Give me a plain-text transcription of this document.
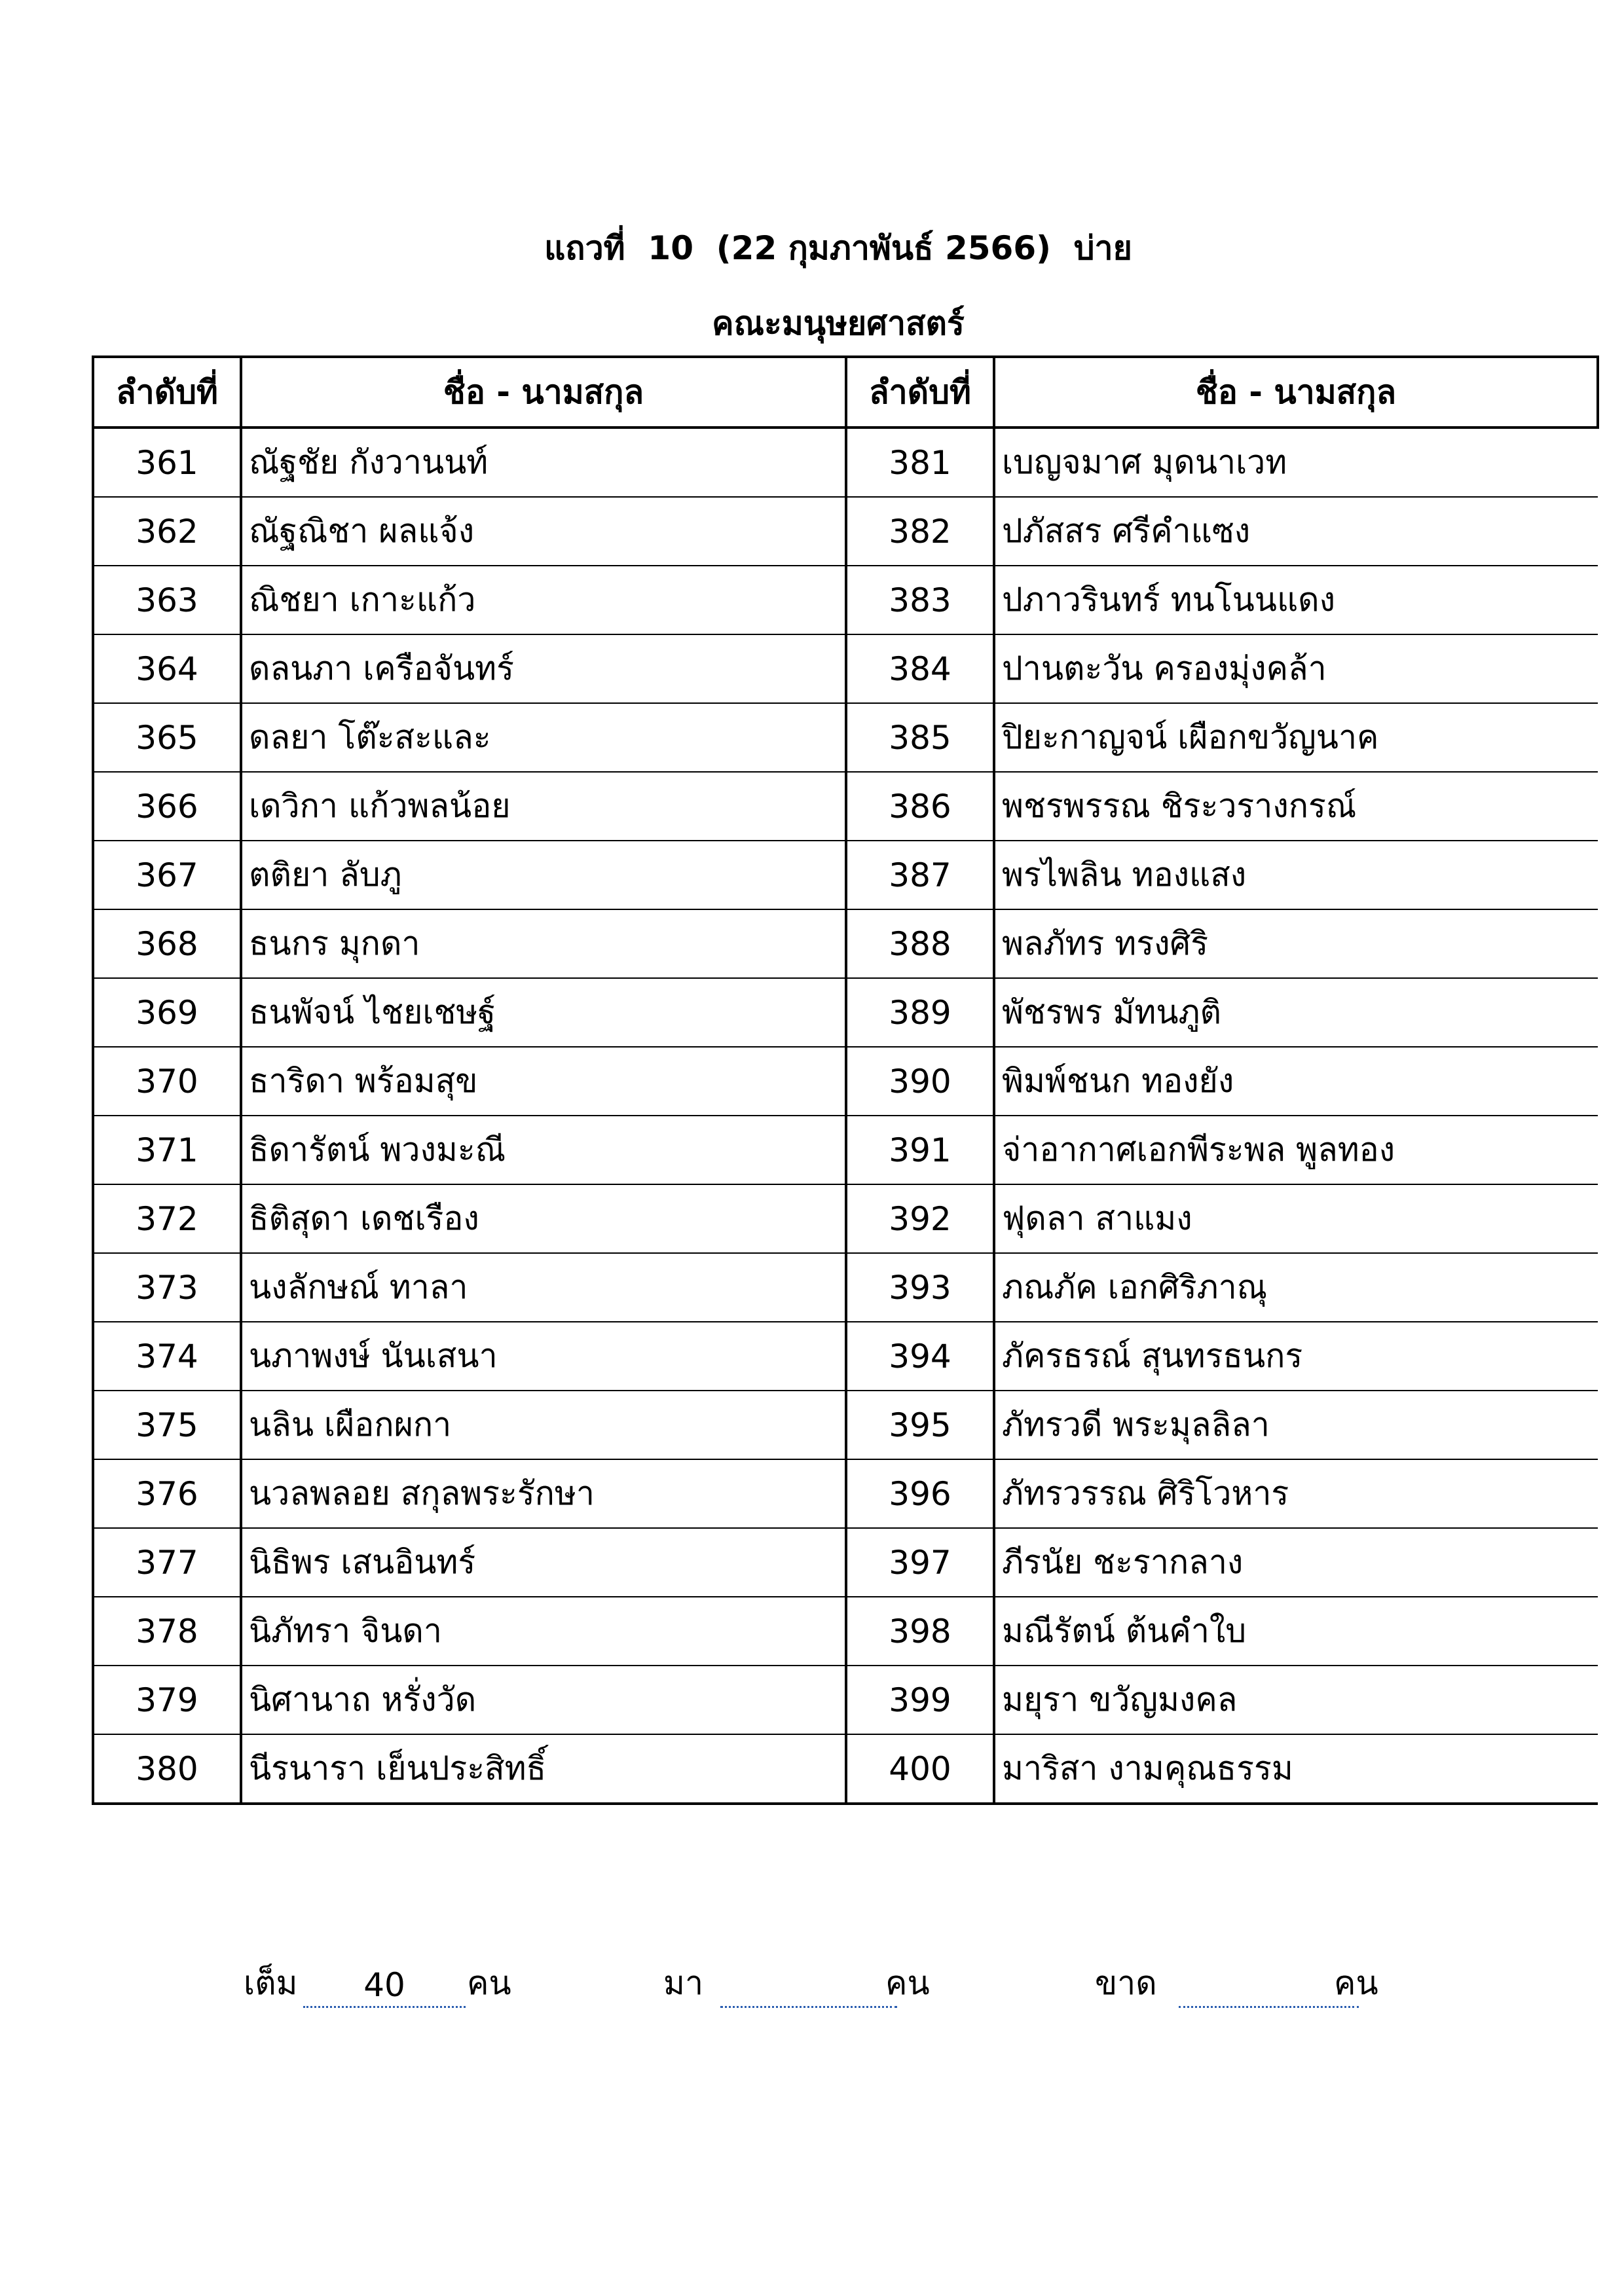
แถวที่  10  (22 กุมภาพันธ์ 2566)  บ่าย
คณะมนุษยศาสตร์
ลำดับที่	ชื่อ - นามสกุล	ลำดับที่	ชื่อ - นามสกุล
361	ณัฐชัย กังวานนท์	381	เบญจมาศ มุดนาเวท
362	ณัฐณิชา ผลแจ้ง	382	ปภัสสร ศรีคำแซง
363	ณิชยา เกาะแก้ว	383	ปภาวรินทร์ ทนโนนแดง
364	ดลนภา เครือจันทร์	384	ปานตะวัน ครองมุ่งคล้า
365	ดลยา โต๊ะสะและ	385	ปิยะกาญจน์ เผือกขวัญนาค
366	เดวิกา แก้วพลน้อย	386	พชรพรรณ ชิระวรางกรณ์
367	ตติยา ลับภู	387	พรไพลิน ทองแสง
368	ธนกร มุกดา	388	พลภัทร ทรงศิริ
369	ธนพัจน์ ไชยเชษฐ์	389	พัชรพร มัทนภูติ
370	ธาริดา พร้อมสุข	390	พิมพ์ชนก ทองยัง
371	ธิดารัตน์ พวงมะณี	391	จ่าอากาศเอกพีระพล พูลทอง
372	ธิติสุดา เดชเรือง	392	ฟุดลา สาแมง
373	นงลักษณ์ ทาลา	393	ภณภัค เอกศิริภาณุ
374	นภาพงษ์ นันเสนา	394	ภัครธรณ์ สุนทรธนกร
375	นลิน เผือกผกา	395	ภัทรวดี พระมุลลิลา
376	นวลพลอย สกุลพระรักษา	396	ภัทรวรรณ ศิริโวหาร
377	นิธิพร เสนอินทร์	397	ภีรนัย ชะรากลาง
378	นิภัทรา จินดา	398	มณีรัตน์ ต้นคำใบ
379	นิศานาถ หรั่งวัด	399	มยุรา ขวัญมงคล
380	นีรนารา เย็นประสิทธิ์	400	มาริสา งามคุณธรรม
เต็ม	40	คน	มา	คน	ขาด	คน
